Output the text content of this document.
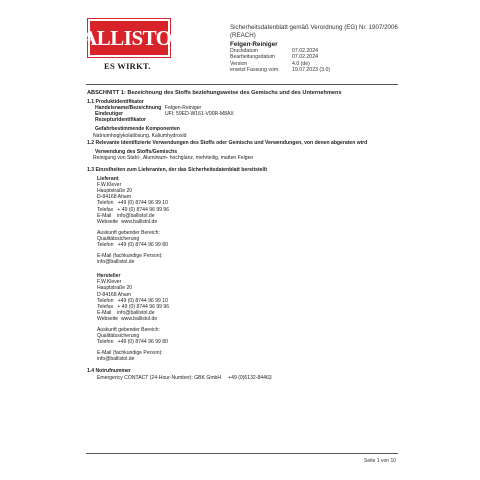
BALLISTOL ®
ES WIRKT.
Sicherheitsdatenblatt gemäß Verordnung (EG) Nr. 1907/2006 (REACH)
Felgen-Reiniger
Druckdatum	07.02.2024
Bearbeitungsdatum	07.02.2024
Version	4.0 (de)
ersetzt Fassung vom	19.07.2023 (3.0)
ABSCHNITT 1: Bezeichnung des Stoffs beziehungsweise des Gemischs und des Unternehmens
1.1 Produktidentifikator
Handelsname/Bezeichnung Felgen-Reiniger
Eindeutiger Rezepturidentifikator
UFI: 59ED-W161-V00R-M8AX
Gefahrbestimmende Komponenten
Natriumhoglykolatlösung, Kaliumhydroxid
1.2 Relevante identifizierte Verwendungen des Stoffs oder Gemischs und Verwendungen, von denen abgeraten wird
Verwendung des Stoffs/Gemischs
Reinigung von Stahl-, Aluminium- hochglanz, mehrteilig, matten Felgen
1.3 Einzelheiten zum Lieferanten, der das Sicherheitsdatenblatt bereitstellt
Lieferant
F.W.Klever
Hauptstraße 20
D-84168 Aham
Telefon   +49 (0) 8744 96 99 10
Telefax   + 49 (0) 8744 96 99 96
E-Mail    info@ballistol.de
Webseite  www.ballistol.de
Auskunft gebender Bereich:
Qualitätssicherung
Telefon   +49 (0) 8744 96 99 80
E-Mail (fachkundige Person):
info@ballistol.de
Hersteller
F.W.Klever
Hauptstraße 20
D-84168 Aham
Telefon   +49 (0) 8744 96 99 10
Telefax   + 49 (0) 8744 96 99 96
E-Mail    info@ballistol.de
Webseite  www.ballistol.de
Auskunft gebender Bereich:
Qualitätssicherung
Telefon   +49 (0) 8744 96 99 80
E-Mail (fachkundige Person):
info@ballistol.de
1.4 Notrufnummer
Emergency CONTACT (24-Hour-Number): GBK GmbH     +49 (0)6132-84463
Seite 1 von 10
